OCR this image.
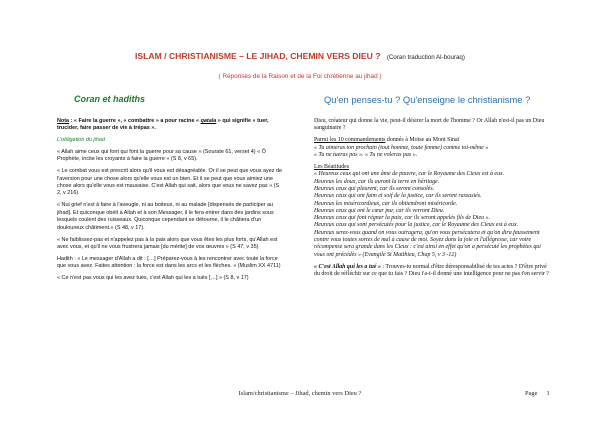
ISLAM / CHRISTIANISME – LE JIHAD, CHEMIN VERS DIEU ? (Coran traduction Al-bouraq)
( Réponses de la Raison et de la Foi chrétienne au jihad )
Coran et hadiths	Qu'en penses-tu ? Qu'enseigne le christianisme ?

Nota : « Faire la guerre », « combattre » a pour racine « qatala » qui signifie « tuer, trucider, faire passer de vie à trépas ».

L'obligation du jihad

« Allah aime ceux qui font qui font la guerre pour sa cause » (Sourate 61, verset 4) « Ô Prophète, incite les croyants à faire la guerre » (S 8, v 65).

« Le combat vous est prescrit alors qu'il vous est désagréable. Or il se peut que vous ayez de l'aversion pour une chose alors qu'elle vous est un bien. Et il se peut que vous aimiez une chose alors qu'elle vous est mauvaise. C'est Allah qui sait, alors que vous ne savez pas » (S 2, v 216)

« Nul grief n'est à faire à l'aveugle, ni au boiteux, ni au malade [dispensés de participer au jihad]. Et quiconque obéit à Allah et à son Messager, il le fera entrer dans des jardins sous lesquels coulent des ruisseaux. Quiconque cependant se détourne, il le châtiera d'un douloureux châtiment.» (S 48, v 17).

« Ne faiblissez-pas et n'appelez pas à la paix alors que vous êtes les plus forts, qu'Allah est avec vous, et qu'il ne vous frustrera jamais [du mérite] de vos œuvres » (S 47, v 35)

Hadith : « Le messager d'Allah a dit : […] Préparez-vous à les rencontrer avec toute la force que vous avez. Faites attention : la force est dans les arcs et les flèches. » (Muslim XX 4711)

« Ce n'est pas vous qui les avez tués, c'est Allah qui les a tués […] » (S 8, v 17)

Dieu, créateur qui donne la vie, peut-il désirer la mort de l'homme ? Or Allah n'est-il pas un Dieu sanguinaire ?

Parmi les 10 commandements donnés à Moïse au Mont Sinaï
« Tu aimeras ton prochain (tout homme, toute femme) comme toi-même »
« Tu ne tueras pas ». « Tu ne voleras pas ».

Les Béatitudes
« Heureux ceux qui ont une âme de pauvre, car le Royaume des Cieux est à eux.
Heureux les doux, car ils auront la terre en héritage.
Heureux ceux qui pleurent, car ils seront consolés.
Heureux ceux qui ont faim et soif de la justice, car ils seront rassasiés.
Heureux les miséricordieux, car ils obtiendront miséricorde.
Heureux ceux qui ont le cœur pur, car ils verront Dieu.
Heureux ceux qui font régner la paix, car ils seront appelés fils de Dieu ».
Heureux ceux qui sont persécutés pour la justice, car le Royaume des Cieux est à eux.
Heureux serez-vous quand on vous outragera, qu'on vous persécutera et qu'on dira faussement contre vous toutes sortes de mal à cause de moi. Soyez dans la joie et l'allégresse, car votre récompense sera grande dans les Cieux : c'est ainsi en effet qu'on a persécuté les prophètes qui vous ont précédés » (Evangile St Matthieu, Chap 5, v 3 -12)

« C'est Allah qui les a tué » : Trouves-tu normal d'être déresponsabilisé de tes actes ? D'être privé du droit de réfléchir sur ce que tu fais ? Dieu t'a-t-il donné une intelligence pour ne pas t'en servir ?

Islam/christianisme – Jihad, chemin vers Dieu ?	Page 1
